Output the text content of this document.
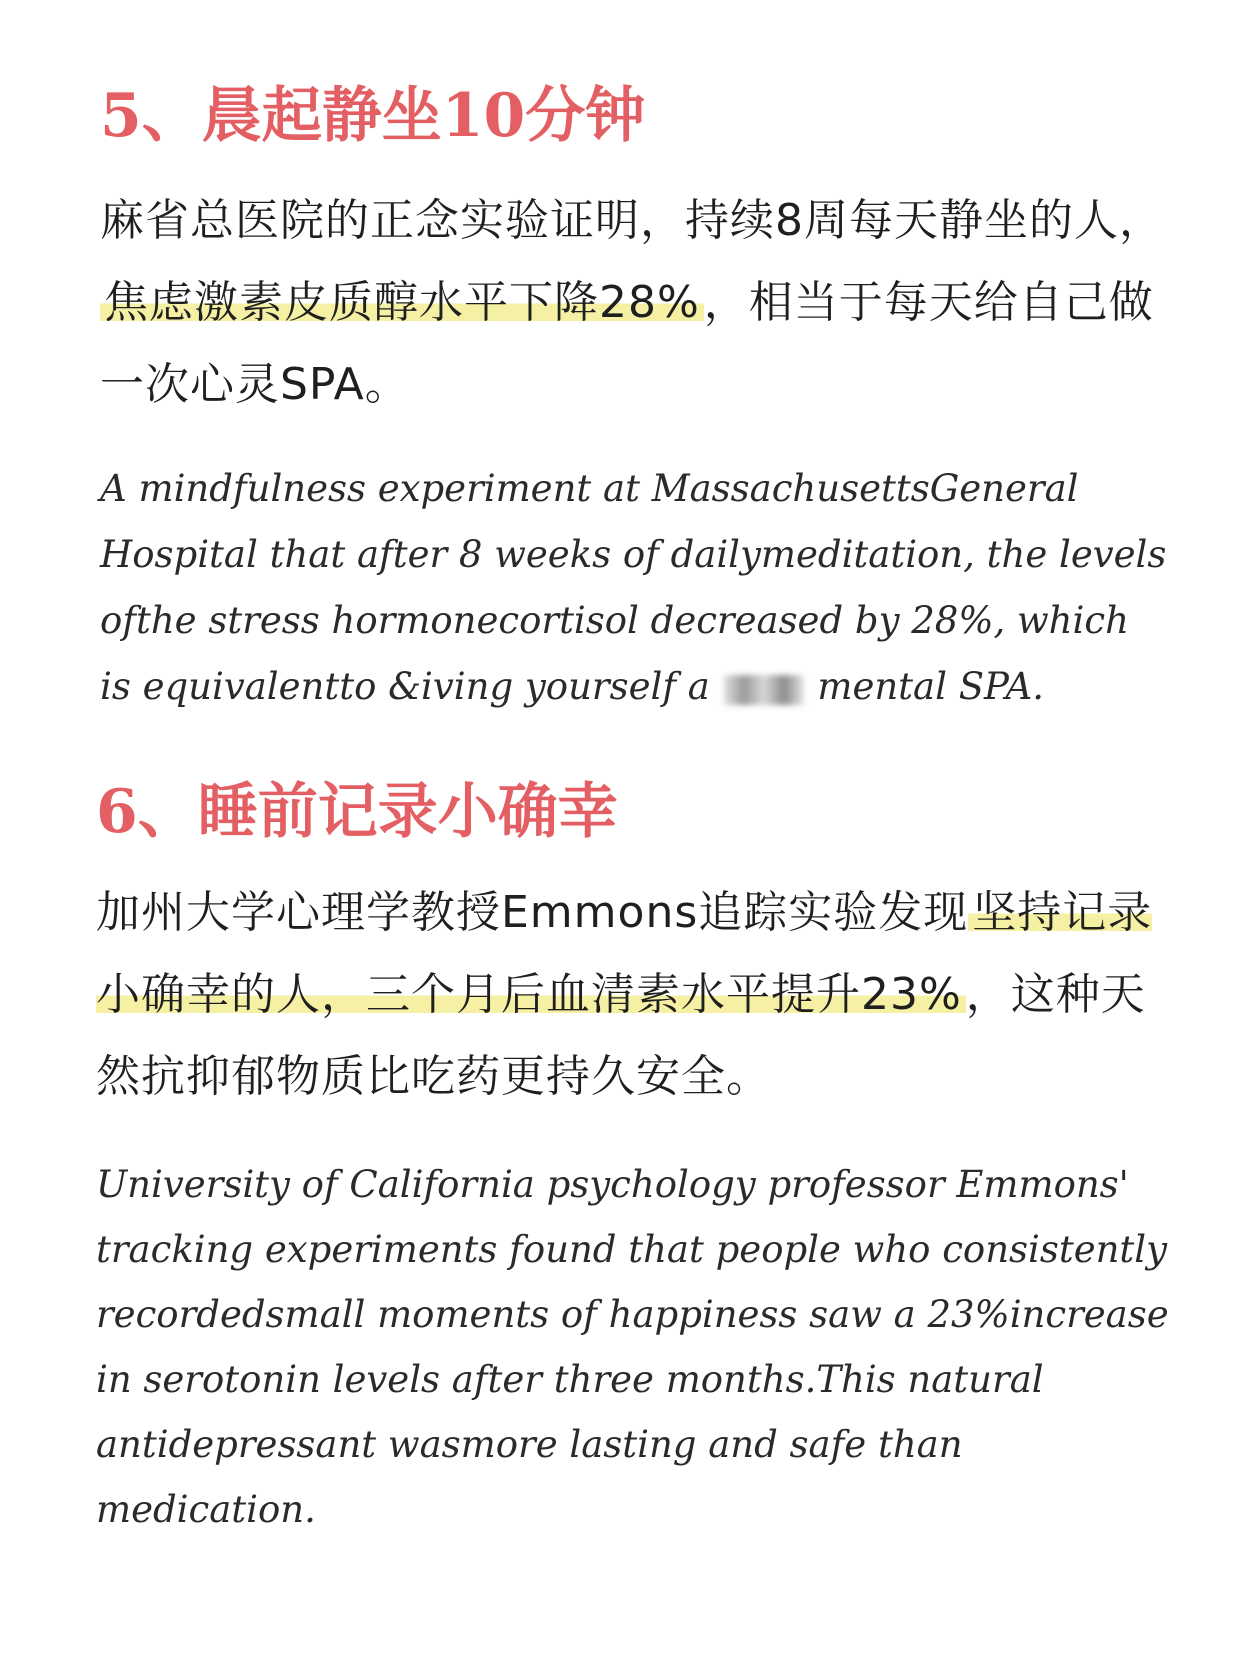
5、晨起静坐10分钟

麻省总医院的正念实验证明，持续8周每天静坐的人，焦虑激素皮质醇水平下降28%，相当于每天给自己做一次心灵SPA。

A mindfulness experiment at MassachusettsGeneral Hospital that after 8 weeks of dailymeditation, the levels ofthe stress hormonecortisol decreased by 28%, which is equivalentto &iving yourself a	mental SPA.

6、睡前记录小确幸

加州大学心理学教授Emmons追踪实验发现坚持记录小确幸的人，三个月后血清素水平提升23%，这种天然抗抑郁物质比吃药更持久安全。

University of California psychology professor Emmons' tracking experiments found that people who consistently recordedsmall moments of happiness saw a 23%increase in serotonin levels after three months.This natural antidepressant wasmore lasting and safe than medication.
